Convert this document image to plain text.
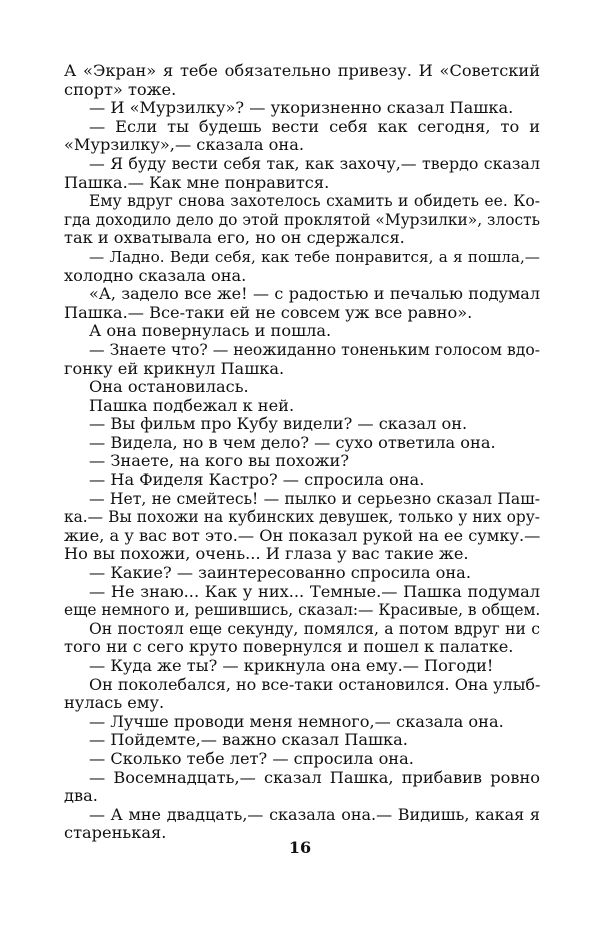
А «Экран» я тебе обязательно привезу. И «Советский
спорт» тоже.
— И «Мурзилку»? — укоризненно сказал Пашка.
— Если ты будешь вести себя как сегодня, то и
«Мурзилку»,— сказала она.
— Я буду вести себя так, как захочу,— твердо сказал
Пашка.— Как мне понравится.
Ему вдруг снова захотелось схамить и обидеть ее. Ко-
гда доходило дело до этой проклятой «Мурзилки», злость
так и охватывала его, но он сдержался.
— Ладно. Веди себя, как тебе понравится, а я пошла,—
холодно сказала она.
«А, задело все же! — с радостью и печалью подумал
Пашка.— Все-таки ей не совсем уж все равно».
А она повернулась и пошла.
— Знаете что? — неожиданно тоненьким голосом вдо-
гонку ей крикнул Пашка.
Она остановилась.
Пашка подбежал к ней.
— Вы фильм про Кубу видели? — сказал он.
— Видела, но в чем дело? — сухо ответила она.
— Знаете, на кого вы похожи?
— На Фиделя Кастро? — спросила она.
— Нет, не смейтесь! — пылко и серьезно сказал Паш-
ка.— Вы похожи на кубинских девушек, только у них ору-
жие, а у вас вот это.— Он показал рукой на ее сумку.—
Но вы похожи, очень... И глаза у вас такие же.
— Какие? — заинтересованно спросила она.
— Не знаю... Как у них... Темные.— Пашка подумал
еще немного и, решившись, сказал:— Красивые, в общем.
Он постоял еще секунду, помялся, а потом вдруг ни с
того ни с сего круто повернулся и пошел к палатке.
— Куда же ты? — крикнула она ему.— Погоди!
Он поколебался, но все-таки остановился. Она улыб-
нулась ему.
— Лучше проводи меня немного,— сказала она.
— Пойдемте,— важно сказал Пашка.
— Сколько тебе лет? — спросила она.
— Восемнадцать,— сказал Пашка, прибавив ровно
два.
— А мне двадцать,— сказала она.— Видишь, какая я
старенькая.
16
